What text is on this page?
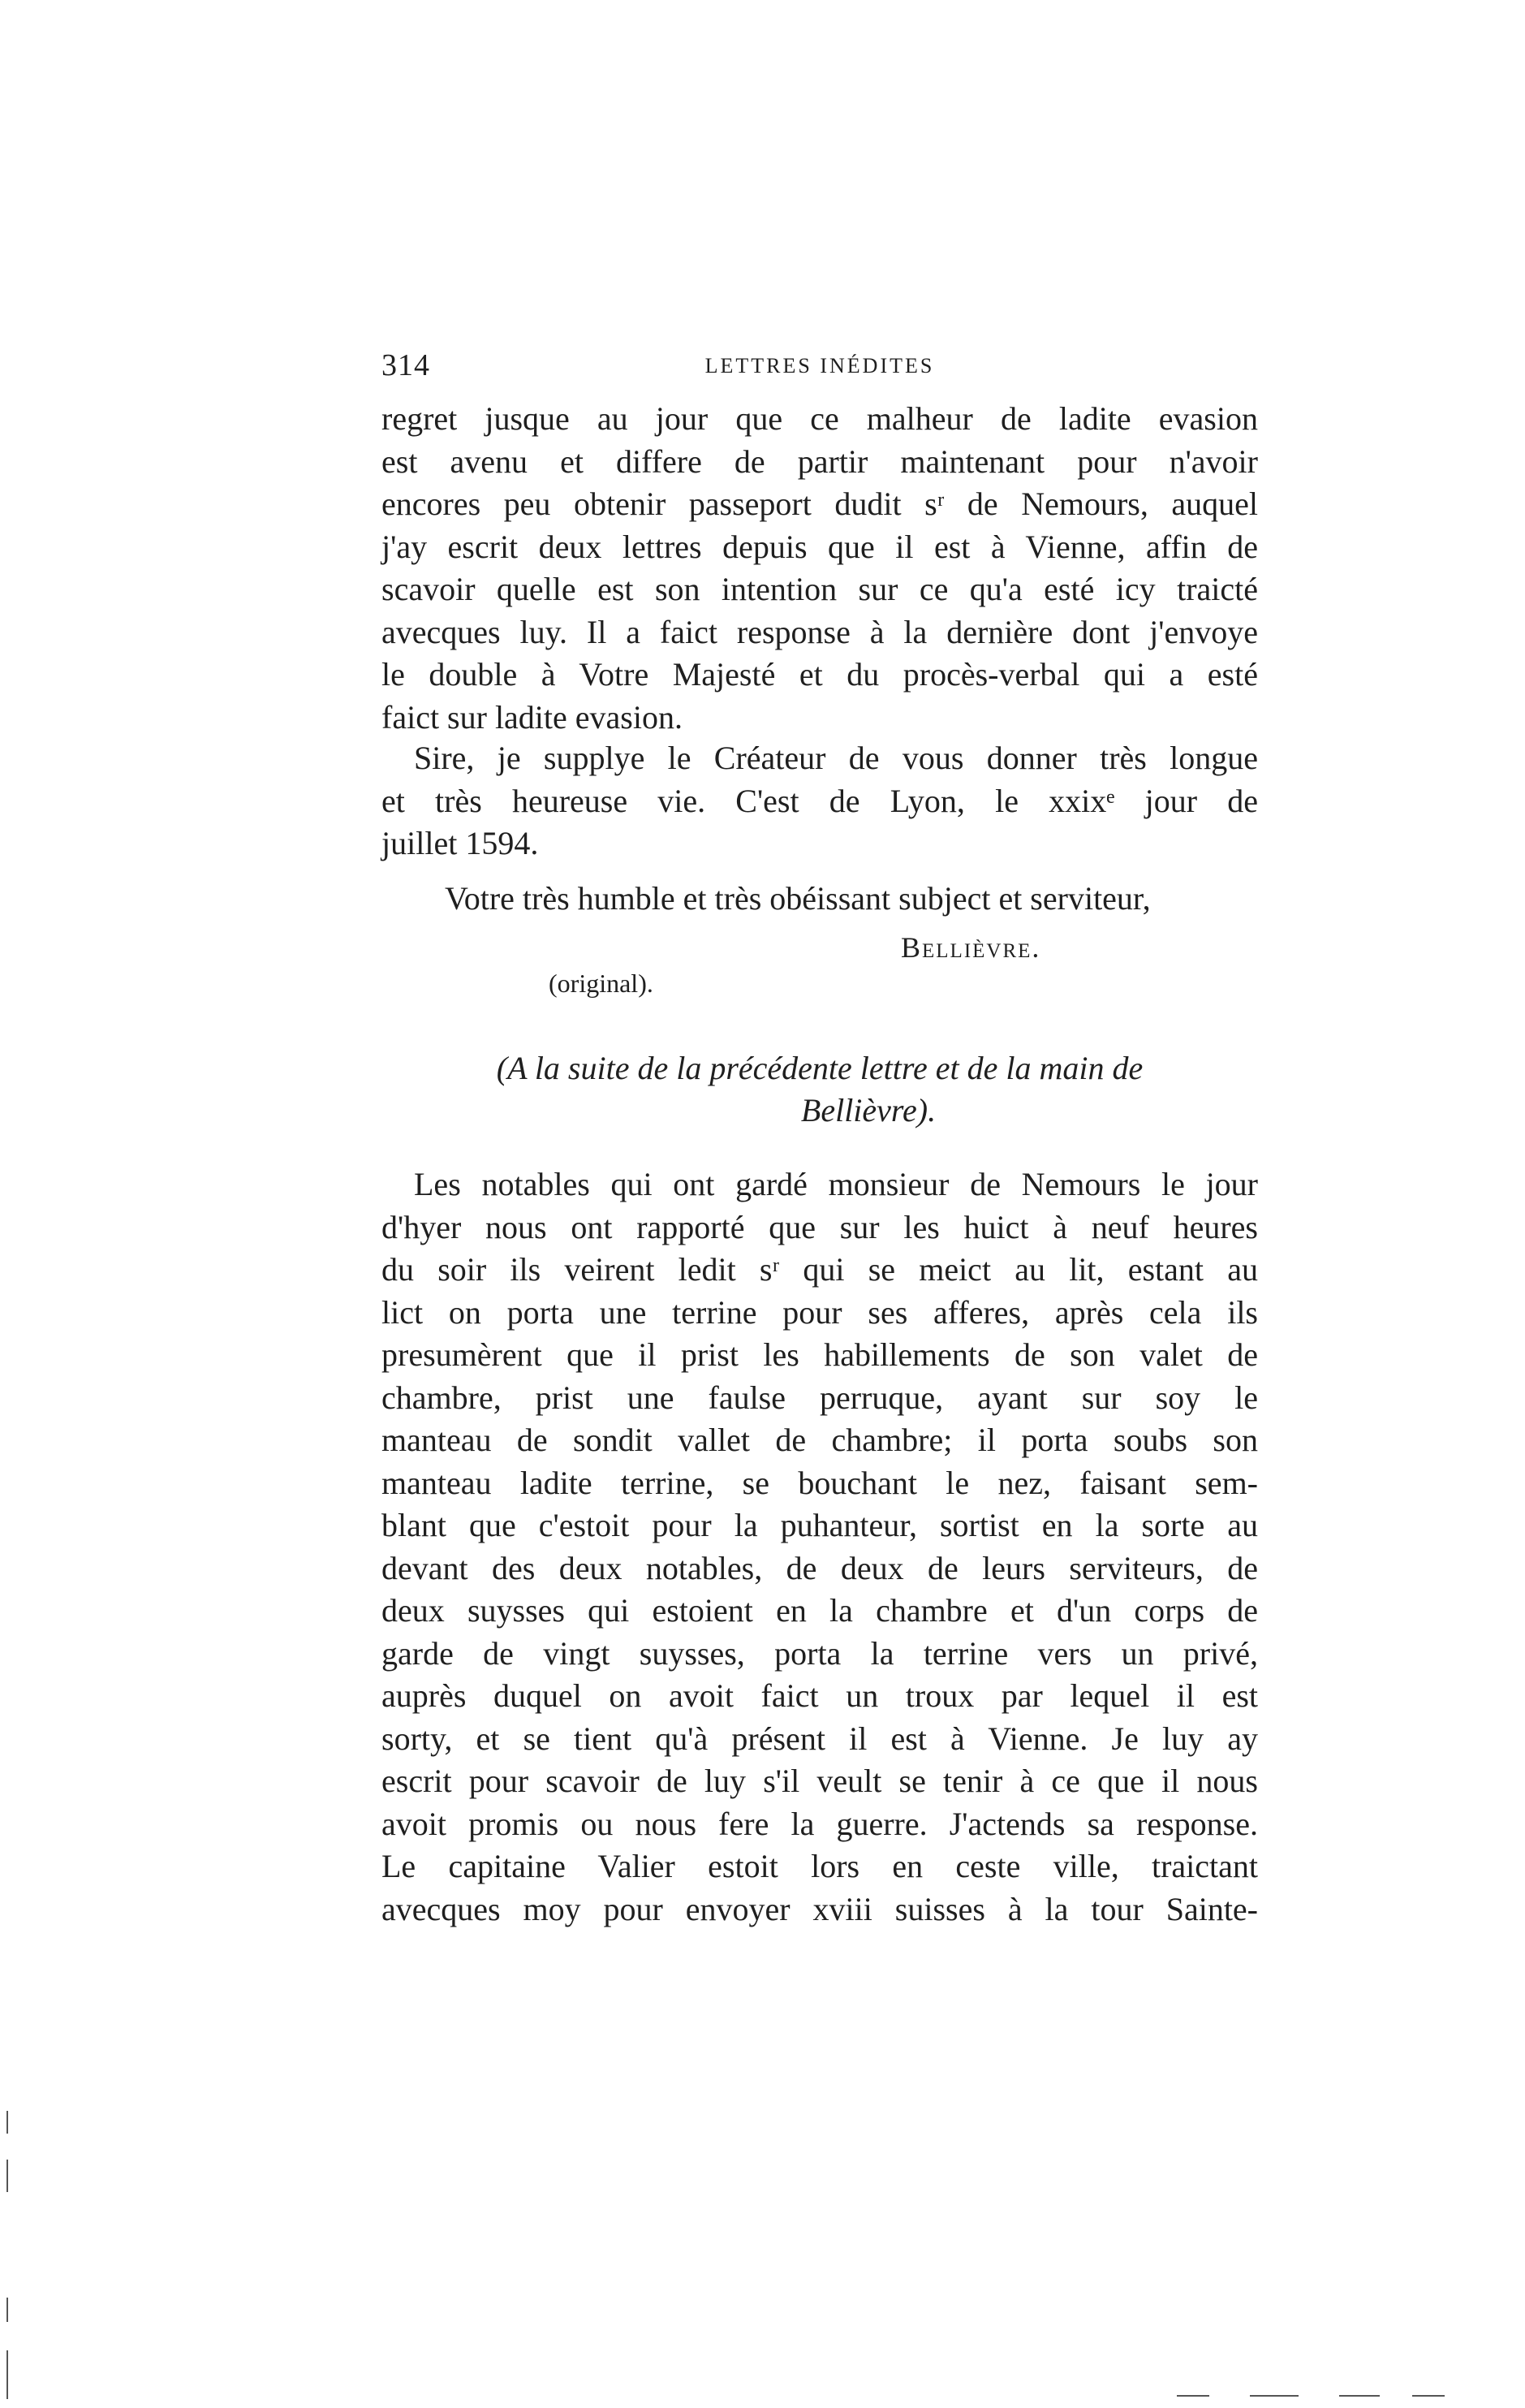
314	LETTRES INÉDITES
regret jusque au jour que ce malheur de ladite evasion
est avenu et differe de partir maintenant pour n'avoir
encores peu obtenir passeport dudit sʳ de Nemours, auquel
j'ay escrit deux lettres depuis que il est à Vienne, affin de
scavoir quelle est son intention sur ce qu'a esté icy traicté
avecques luy. Il a faict response à la dernière dont j'envoye
le double à Votre Majesté et du procès-verbal qui a esté
faict sur ladite evasion.
Sire, je supplye le Créateur de vous donner très longue
et très heureuse vie. C'est de Lyon, le xxixᵉ jour de
juillet 1594.
Votre très humble et très obéissant subject et serviteur,
Bellièvre.
(original).
(A la suite de la précédente lettre et de la main de
Bellièvre).
Les notables qui ont gardé monsieur de Nemours le jour
d'hyer nous ont rapporté que sur les huict à neuf heures
du soir ils veirent ledit sʳ qui se meict au lit, estant au
lict on porta une terrine pour ses afferes, après cela ils
presumèrent que il prist les habillements de son valet de
chambre, prist une faulse perruque, ayant sur soy le
manteau de sondit vallet de chambre; il porta soubs son
manteau ladite terrine, se bouchant le nez, faisant sem-
blant que c'estoit pour la puhanteur, sortist en la sorte au
devant des deux notables, de deux de leurs serviteurs, de
deux suysses qui estoient en la chambre et d'un corps de
garde de vingt suysses, porta la terrine vers un privé,
auprès duquel on avoit faict un troux par lequel il est
sorty, et se tient qu'à présent il est à Vienne. Je luy ay
escrit pour scavoir de luy s'il veult se tenir à ce que il nous
avoit promis ou nous fere la guerre. J'actends sa response.
Le capitaine Valier estoit lors en ceste ville, traictant
avecques moy pour envoyer xviii suisses à la tour Sainte-
